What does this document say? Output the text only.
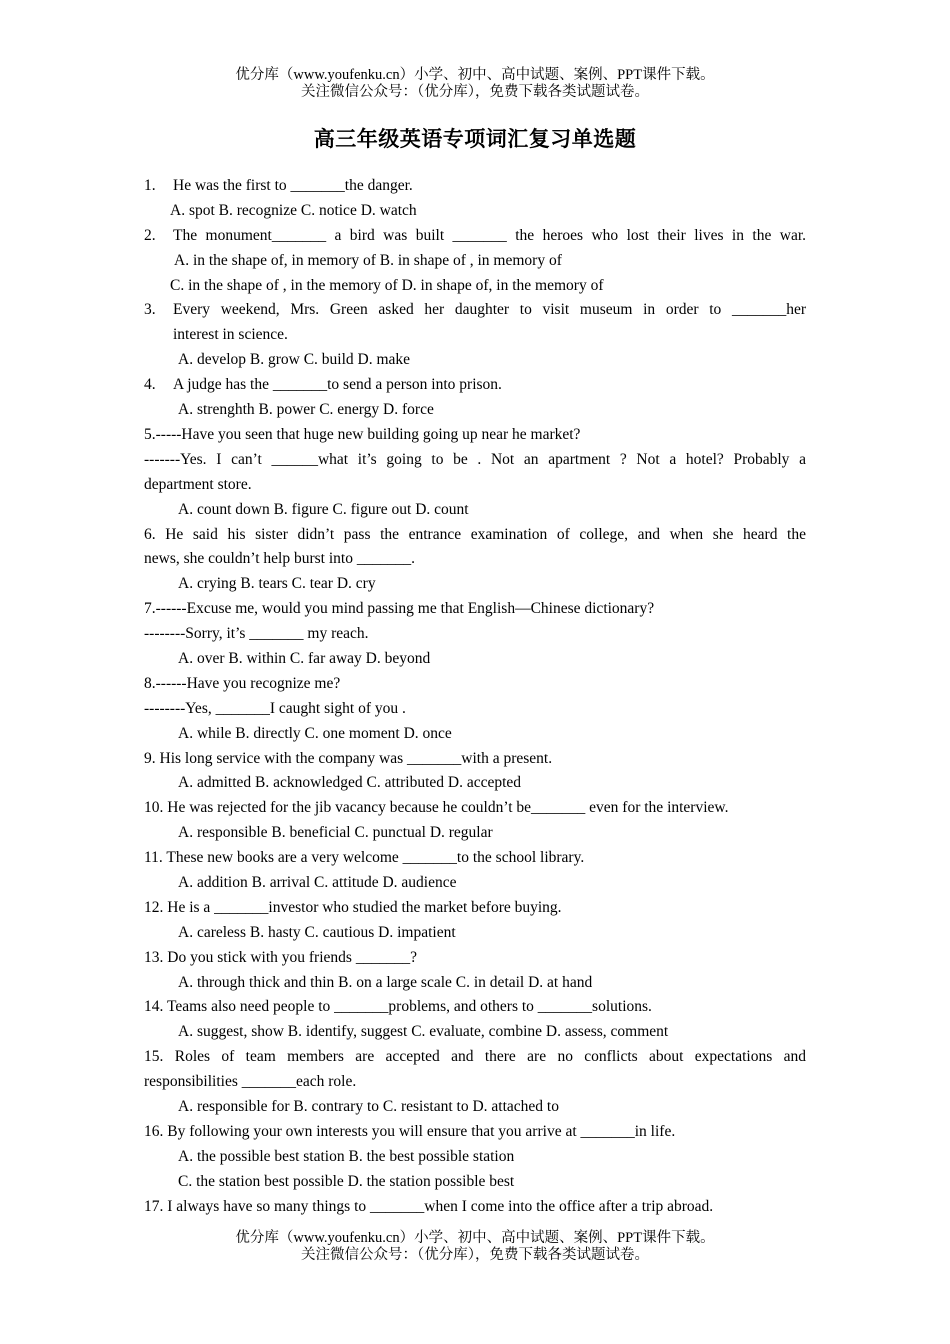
优分库（www.youfenku.cn）小学、初中、高中试题、案例、PPT课件下载。
关注微信公众号：（优分库），免费下载各类试题试卷。
高三年级英语专项词汇复习单选题
1. He was the first to _______the danger.
A. spot B. recognize C. notice D. watch
2.	The monument_______ a bird was built _______ the heroes who lost their lives in the war.
A. in the shape of, in memory of B. in shape of , in memory of
C. in the shape of , in the memory of D. in shape of, in the memory of
3.	Every weekend, Mrs. Green asked her daughter to visit museum in order to _______her
interest in science.
A. develop B. grow C. build D. make
4. A judge has the _______to send a person into prison.
A. strenghth B. power C. energy D. force
5.-----Have you seen that huge new building going up near he market?
-------Yes. I can’t ______what it’s going to be . Not an apartment ? Not a hotel? Probably a
department store.
A. count down B. figure C. figure out D. count
6. He said his sister didn’t pass the entrance examination of college, and when she heard the
news, she couldn’t help burst into _______.
A. crying B. tears C. tear D. cry
7.------Excuse me, would you mind passing me that English—Chinese dictionary?
--------Sorry, it’s _______ my reach.
A. over B. within C. far away D. beyond
8.------Have you recognize me?
--------Yes, _______I caught sight of you .
A. while B. directly C. one moment D. once
9. His long service with the company was _______with a present.
A. admitted B. acknowledged C. attributed D. accepted
10. He was rejected for the jib vacancy because he couldn’t be_______ even for the interview.
A. responsible B. beneficial C. punctual D. regular
11. These new books are a very welcome _______to the school library.
A. addition B. arrival C. attitude D. audience
12. He is a _______investor who studied the market before buying.
A. careless B. hasty C. cautious D. impatient
13. Do you stick with you friends _______?
A. through thick and thin B. on a large scale C. in detail D. at hand
14. Teams also need people to _______problems, and others to _______solutions.
A. suggest, show B. identify, suggest C. evaluate, combine D. assess, comment
15. Roles of team members are accepted and there are no conflicts about expectations and
responsibilities _______each role.
A. responsible for B. contrary to C. resistant to D. attached to
16. By following your own interests you will ensure that you arrive at _______in life.
A. the possible best station B. the best possible station
C. the station best possible D. the station possible best
17. I always have so many things to _______when I come into the office after a trip abroad.
优分库（www.youfenku.cn）小学、初中、高中试题、案例、PPT课件下载。
关注微信公众号：（优分库），免费下载各类试题试卷。
